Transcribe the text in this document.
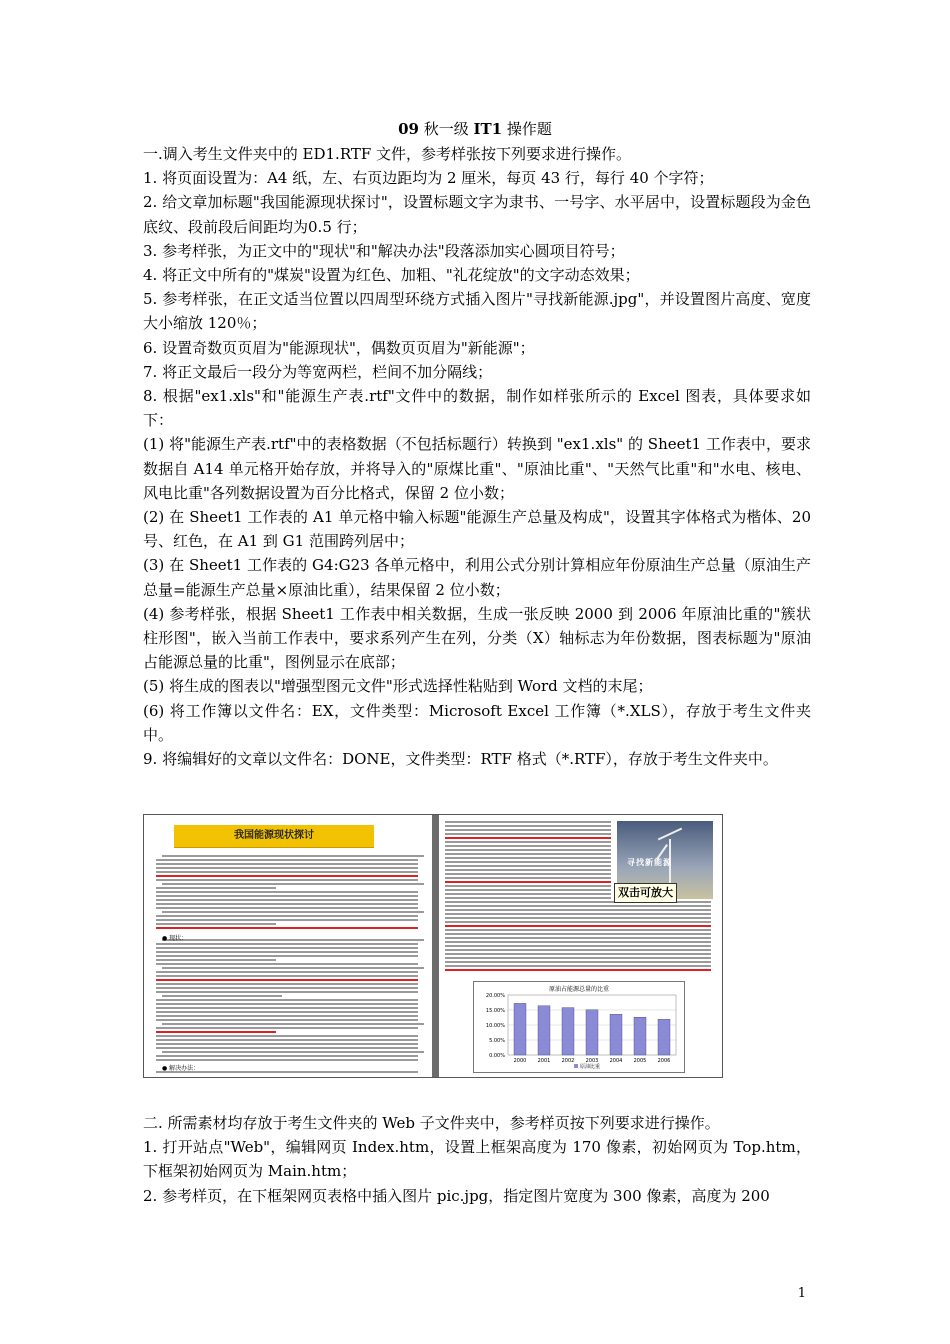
09 秋一级 IT1 操作题

一.调入考生文件夹中的 ED1.RTF 文件，参考样张按下列要求进行操作。

1. 将页面设置为：A4 纸，左、右页边距均为 2 厘米，每页 43 行，每行 40 个字符；

2. 给文章加标题"我国能源现状探讨"，设置标题文字为隶书、一号字、水平居中，设置标题段为金色底纹、段前段后间距均为0.5 行；

3. 参考样张，为正文中的"现状"和"解决办法"段落添加实心圆项目符号；

4. 将正文中所有的"煤炭"设置为红色、加粗、"礼花绽放"的文字动态效果；

5. 参考样张，在正文适当位置以四周型环绕方式插入图片"寻找新能源.jpg"，并设置图片高度、宽度大小缩放 120％；

6. 设置奇数页页眉为"能源现状"，偶数页页眉为"新能源"；

7. 将正文最后一段分为等宽两栏，栏间不加分隔线；

8. 根据"ex1.xls"和"能源生产表.rtf"文件中的数据，制作如样张所示的 Excel 图表，具体要求如下：

(1) 将"能源生产表.rtf"中的表格数据（不包括标题行）转换到 "ex1.xls" 的 Sheet1 工作表中，要求数据自 A14 单元格开始存放，并将导入的"原煤比重"、"原油比重"、"天然气比重"和"水电、核电、风电比重"各列数据设置为百分比格式，保留 2 位小数；

(2) 在 Sheet1 工作表的 A1 单元格中输入标题"能源生产总量及构成"，设置其字体格式为楷体、20 号、红色，在 A1 到 G1 范围跨列居中；

(3) 在 Sheet1 工作表的 G4:G23 各单元格中，利用公式分别计算相应年份原油生产总量（原油生产总量=能源生产总量×原油比重），结果保留 2 位小数；

(4) 参考样张，根据 Sheet1 工作表中相关数据，生成一张反映 2000 到 2006 年原油比重的"簇状柱形图"，嵌入当前工作表中，要求系列产生在列，分类（X）轴标志为年份数据，图表标题为"原油占能源总量的比重"，图例显示在底部；

(5) 将生成的图表以"增强型图元文件"形式选择性粘贴到 Word 文档的末尾；

(6) 将工作簿以文件名：EX，文件类型：Microsoft Excel 工作簿（*.XLS），存放于考生文件夹中。

9. 将编辑好的文章以文件名：DONE，文件类型：RTF 格式（*.RTF），存放于考生文件夹中。

我国能源现状探讨
● 现状：
● 解决办法：
寻找新能源
双击可放大
原油占能源总量的比重
0.00%
5.00%
10.00%
15.00%
20.00%
2000 2001 2002 2003 2004 2005 2006
原油比重

二. 所需素材均存放于考生文件夹的 Web 子文件夹中，参考样页按下列要求进行操作。

1. 打开站点"Web"，编辑网页 Index.htm，设置上框架高度为 170 像素，初始网页为 Top.htm，下框架初始网页为 Main.htm；

2. 参考样页，在下框架网页表格中插入图片 pic.jpg，指定图片宽度为 300 像素，高度为 200

1
